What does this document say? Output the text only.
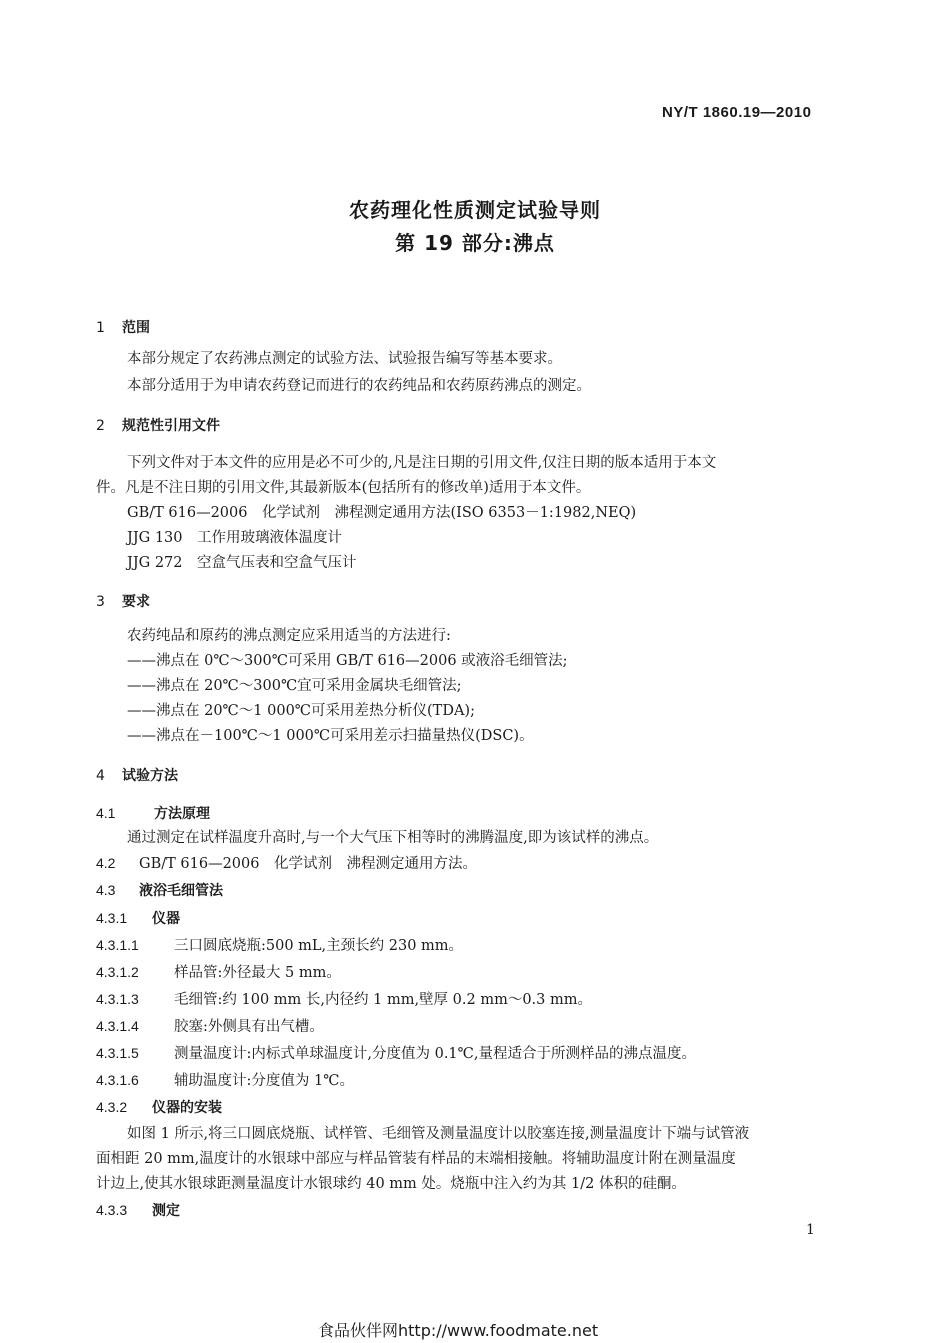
NY/T 1860.19—2010
农药理化性质测定试验导则
第 19 部分:沸点
1 范围
本部分规定了农药沸点测定的试验方法、试验报告编写等基本要求。
本部分适用于为申请农药登记而进行的农药纯品和农药原药沸点的测定。
2 规范性引用文件
下列文件对于本文件的应用是必不可少的,凡是注日期的引用文件,仅注日期的版本适用于本文
件。凡是不注日期的引用文件,其最新版本(包括所有的修改单)适用于本文件。
GB/T 616—2006　化学试剂　沸程测定通用方法(ISO 6353－1:1982,NEQ)
JJG 130　工作用玻璃液体温度计
JJG 272　空盒气压表和空盒气压计
3 要求
农药纯品和原药的沸点测定应采用适当的方法进行:
——沸点在 0℃～300℃可采用 GB/T 616—2006 或液浴毛细管法;
——沸点在 20℃～300℃宜可采用金属块毛细管法;
——沸点在 20℃～1 000℃可采用差热分析仪(TDA);
——沸点在－100℃～1 000℃可采用差示扫描量热仪(DSC)。
4 试验方法
4.1	方法原理
通过测定在试样温度升高时,与一个大气压下相等时的沸腾温度,即为该试样的沸点。
4.2 GB/T 616—2006　化学试剂　沸程测定通用方法。
4.3 液浴毛细管法
4.3.1 仪器
4.3.1.1 三口圆底烧瓶:500 mL,主颈长约 230 mm。
4.3.1.2 样品管:外径最大 5 mm。
4.3.1.3 毛细管:约 100 mm 长,内径约 1 mm,壁厚 0.2 mm～0.3 mm。
4.3.1.4 胶塞:外侧具有出气槽。
4.3.1.5 测量温度计:内标式单球温度计,分度值为 0.1℃,量程适合于所测样品的沸点温度。
4.3.1.6 辅助温度计:分度值为 1℃。
4.3.2 仪器的安装
如图 1 所示,将三口圆底烧瓶、试样管、毛细管及测量温度计以胶塞连接,测量温度计下端与试管液
面相距 20 mm,温度计的水银球中部应与样品管装有样品的末端相接触。将辅助温度计附在测量温度
计边上,使其水银球距测量温度计水银球约 40 mm 处。烧瓶中注入约为其 1/2 体积的硅酮。
4.3.3 测定
1
食品伙伴网http://www.foodmate.net
